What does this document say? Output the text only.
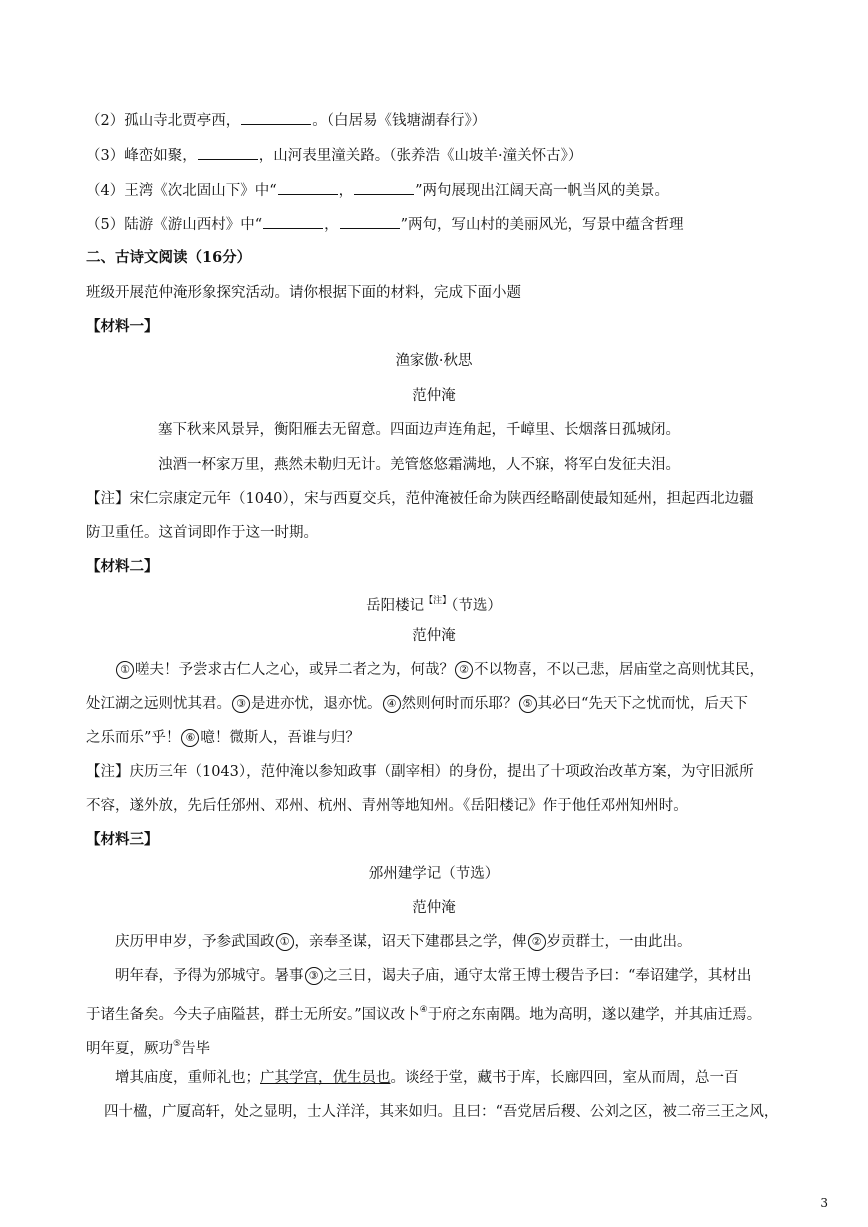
（2）孤山寺北贾亭西，	。（白居易《钱塘湖春行》）
（3）峰峦如聚，	，山河表里潼关路。（张养浩《山坡羊·潼关怀古》）
（4）王湾《次北固山下》中“	，	”两句展现出江阔天高一帆当风的美景。
（5）陆游《游山西村》中“	，	”两句，写山村的美丽风光，写景中蕴含哲理
二、古诗文阅读（16分）
班级开展范仲淹形象探究活动。请你根据下面的材料，完成下面小题
【材料一】
渔家傲·秋思
范仲淹
塞下秋来风景异，衡阳雁去无留意。四面边声连角起，千嶂里、长烟落日孤城闭。
浊酒一杯家万里，燕然未勒归无计。羌管悠悠霜满地，人不寐，将军白发征夫泪。
【注】宋仁宗康定元年（1040），宋与西夏交兵，范仲淹被任命为陕西经略副使最知延州，担起西北边疆
防卫重任。这首词即作于这一时期。
【材料二】
岳阳楼记$^{【注】}$（节选）
范仲淹
① 嗟夫！予尝求古仁人之心，或异二者之为，何哉？ ② 不以物喜，不以己悲，居庙堂之高则忧其民，
处江湖之远则忧其君。 ③ 是进亦忧，退亦忧。 ④ 然则何时而乐耶？ ⑤ 其必曰“先天下之忧而忧，后天下
之乐而乐”乎！ ⑥ 噫！微斯人，吾谁与归？
【注】庆历三年（1043），范仲淹以参知政事（副宰相）的身份，提出了十项政治改革方案，为守旧派所
不容，遂外放，先后任邠州、邓州、杭州、青州等地知州。《岳阳楼记》作于他任邓州知州时。
【材料三】
邠州建学记（节选）
范仲淹
庆历甲申岁，予参武国政 ① ，亲奉圣谋，诏天下建郡县之学，俾 ② 岁贡群士，一由此出。
明年春，予得为邠城守。暑事 ③ 之三日，谒夫子庙，通守太常王博士稷告予曰：“奉诏建学，其材出
于诸生备矣。今夫子庙隘甚，群士无所安。”国议改卜④于府之东南隅。地为高明，遂以建学，并其庙迁焉。
明年夏，厥功⑤告毕
增其庙度，重师礼也；广其学宫，优生员也。谈经于堂，藏书于库，长廊四回，室从而周，总一百
四十楹，广厦高轩，处之显明，士人洋洋，其来如归。且曰：“吾党居后稷、公刘之区，被二帝三王之风，
3
